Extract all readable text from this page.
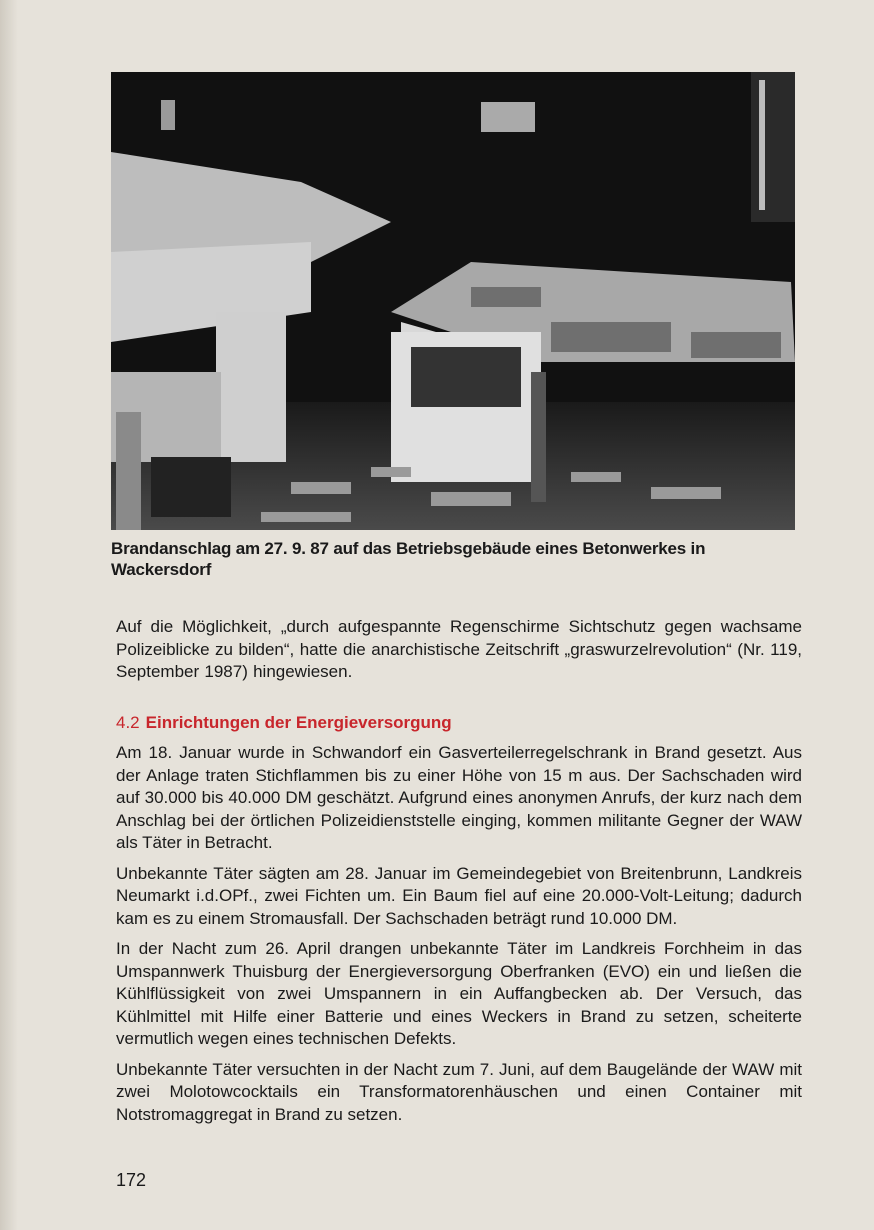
Brandanschlag am 27. 9. 87 auf das Betriebsgebäude eines Betonwerkes in Wackersdorf
Auf die Möglichkeit, „durch aufgespannte Regenschirme Sichtschutz gegen wachsame Polizeiblicke zu bilden“, hatte die anarchistische Zeitschrift „graswurzelrevolution“ (Nr. 119, September 1987) hingewiesen.
4.2 Einrichtungen der Energieversorgung

Am 18. Januar wurde in Schwandorf ein Gasverteilerregelschrank in Brand gesetzt. Aus der Anlage traten Stichflammen bis zu einer Höhe von 15 m aus. Der Sachschaden wird auf 30.000 bis 40.000 DM geschätzt. Aufgrund eines anonymen Anrufs, der kurz nach dem Anschlag bei der örtlichen Polizeidienststelle einging, kommen militante Gegner der WAW als Täter in Betracht.

Unbekannte Täter sägten am 28. Januar im Gemeindegebiet von Breitenbrunn, Landkreis Neumarkt i.d.OPf., zwei Fichten um. Ein Baum fiel auf eine 20.000-Volt-Leitung; dadurch kam es zu einem Stromausfall. Der Sachschaden beträgt rund 10.000 DM.

In der Nacht zum 26. April drangen unbekannte Täter im Landkreis Forchheim in das Umspannwerk Thuisburg der Energieversorgung Oberfranken (EVO) ein und ließen die Kühlflüssigkeit von zwei Umspannern in ein Auffangbecken ab. Der Versuch, das Kühlmittel mit Hilfe einer Batterie und eines Weckers in Brand zu setzen, scheiterte vermutlich wegen eines technischen Defekts.

Unbekannte Täter versuchten in der Nacht zum 7. Juni, auf dem Baugelände der WAW mit zwei Molotowcocktails ein Transformatorenhäuschen und einen Container mit Notstromaggregat in Brand zu setzen.

172
